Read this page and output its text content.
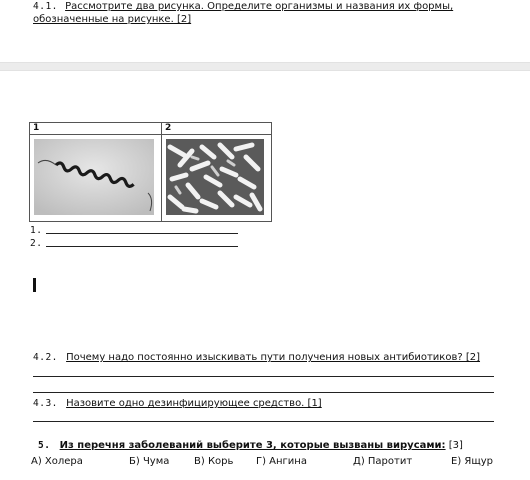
4.1. Рассмотрите два рисунка. Определите организмы и названия их формы,
обозначенные на рисунке. [2]
1	2

1.
2.
4.2. Почему надо постоянно изыскивать пути получения новых антибиотиков? [2]
4.3. Назовите одно дезинфицирующее средство. [1]
5. Из перечня заболеваний выберите 3, которые вызваны вирусами: [3]
А) Холера	Б) Чума В) Корь Г) Ангина	Д) Паротит	Е) Ящур
